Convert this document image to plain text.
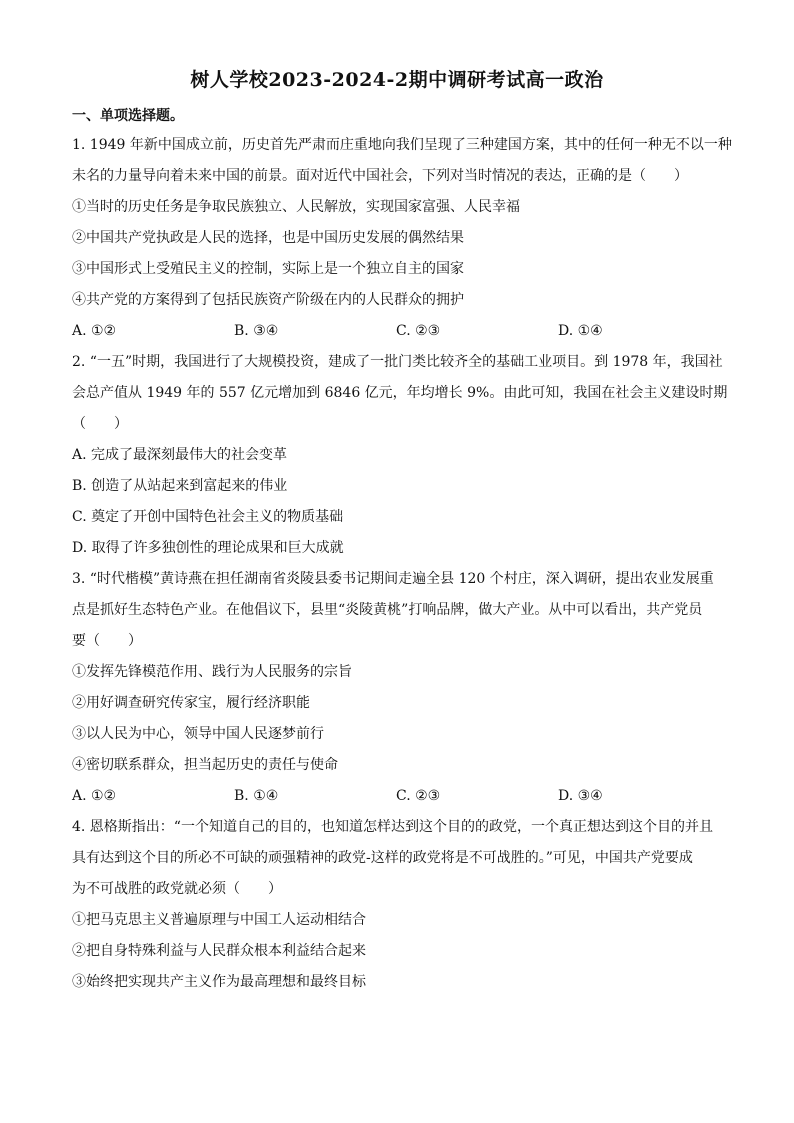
树人学校2023-2024-2期中调研考试高一政治
一、单项选择题。
1. 1949 年新中国成立前，历史首先严肃而庄重地向我们呈现了三种建国方案，其中的任何一种无不以一种
未名的力量导向着未来中国的前景。面对近代中国社会，下列对当时情况的表达，正确的是（　　）
①当时的历史任务是争取民族独立、人民解放，实现国家富强、人民幸福
②中国共产党执政是人民的选择，也是中国历史发展的偶然结果
③中国形式上受殖民主义的控制，实际上是一个独立自主的国家
④共产党的方案得到了包括民族资产阶级在内的人民群众的拥护
A. ①②	B. ③④	C. ②③	D. ①④
2. “一五”时期，我国进行了大规模投资，建成了一批门类比较齐全的基础工业项目。到 1978 年，我国社
会总产值从 1949 年的 557 亿元增加到 6846 亿元，年均增长 9%。由此可知，我国在社会主义建设时期
（　　）
A. 完成了最深刻最伟大的社会变革
B. 创造了从站起来到富起来的伟业
C. 奠定了开创中国特色社会主义的物质基础
D. 取得了许多独创性的理论成果和巨大成就
3. “时代楷模”黄诗燕在担任湖南省炎陵县委书记期间走遍全县 120 个村庄，深入调研，提出农业发展重
点是抓好生态特色产业。在他倡议下，县里“炎陵黄桃”打响品牌，做大产业。从中可以看出，共产党员
要（　　）
①发挥先锋模范作用、践行为人民服务的宗旨
②用好调查研究传家宝，履行经济职能
③以人民为中心，领导中国人民逐梦前行
④密切联系群众，担当起历史的责任与使命
A. ①②	B. ①④	C. ②③	D. ③④
4. 恩格斯指出：“一个知道自己的目的，也知道怎样达到这个目的的政党，一个真正想达到这个目的并且
具有达到这个目的所必不可缺的顽强精神的政党-这样的政党将是不可战胜的。”可见，中国共产党要成
为不可战胜的政党就必须（　　）
①把马克思主义普遍原理与中国工人运动相结合
②把自身特殊利益与人民群众根本利益结合起来
③始终把实现共产主义作为最高理想和最终目标
